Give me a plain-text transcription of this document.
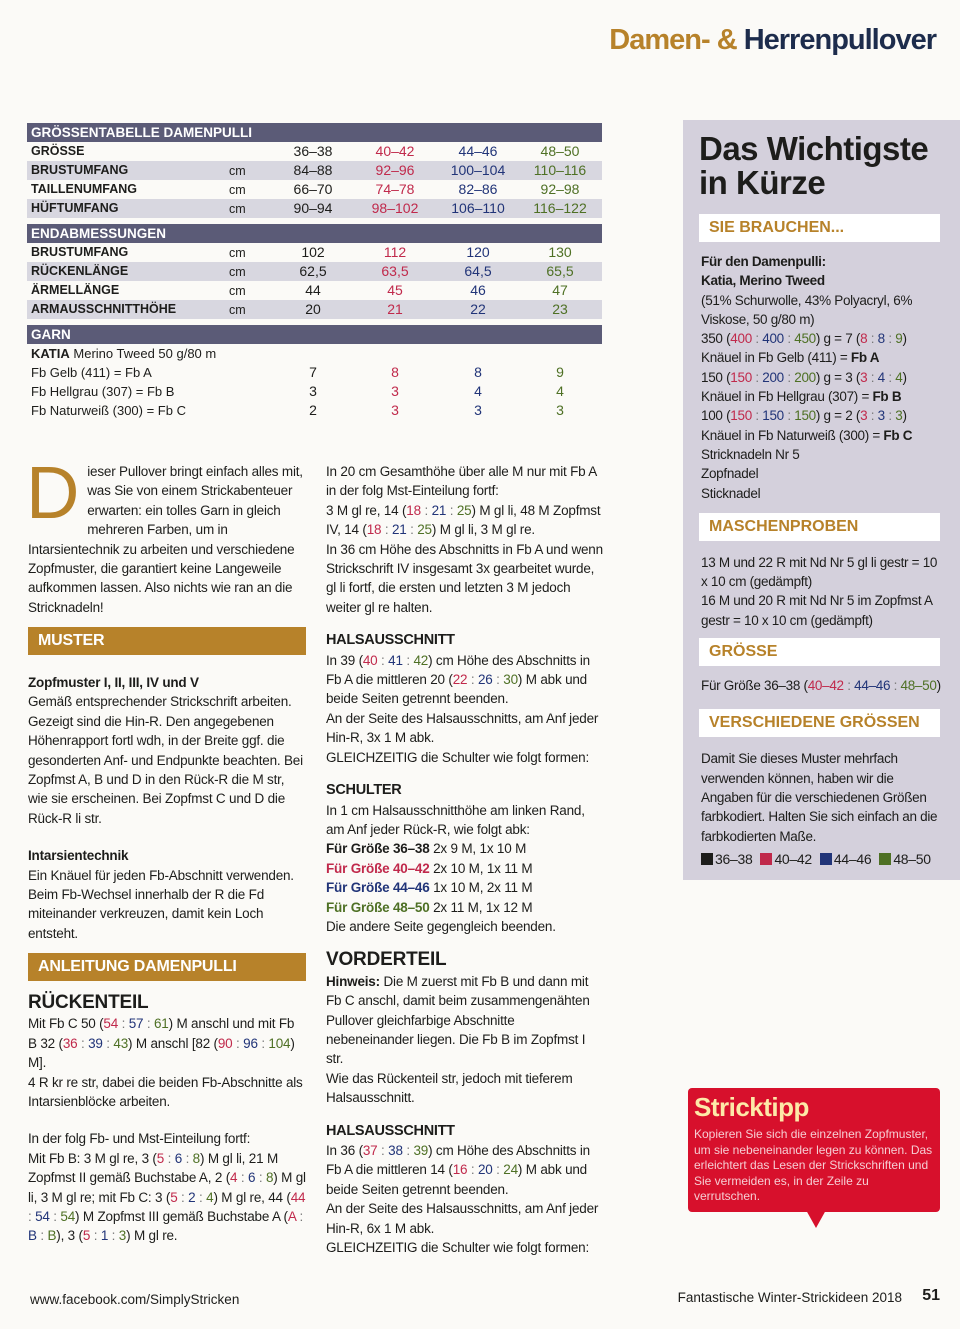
Damen- & Herrenpullover
GRÖSSENTABELLE DAMENPULLI
GRÖSSE	36–38	40–42	44–46	48–50
BRUSTUMFANG	cm	84–88	92–96	100–104	110–116
TAILLENUMFANG	cm	66–70	74–78	82–86	92–98
HÜFTUMFANG	cm	90–94	98–102	106–110	116–122
ENDABMESSUNGEN
BRUSTUMFANG	cm	102	112	120	130
RÜCKENLÄNGE	cm	62,5	63,5	64,5	65,5
ÄRMELLÄNGE	cm	44	45	46	47
ARMAUSSCHNITTHÖHE	cm	20	21	22	23
GARN
KATIA Merino Tweed 50 g/80 m
Fb Gelb (411) = Fb A	7	8	8	9
Fb Hellgrau (307) = Fb B	3	3	4	4
Fb Naturweiß (300) = Fb C	2	3	3	3
Dieser Pullover bringt einfach alles mit, was Sie von einem Strickabenteuer erwarten: ein tolles Garn in gleich mehreren Farben, um in Intarsientechnik zu arbeiten und verschiedene Zopfmuster, die garantiert keine Langeweile aufkommen lassen. Also nichts wie ran an die Stricknadeln!
MUSTER

Zopfmuster I, II, III, IV und V

Gemäß entsprechender Strickschrift arbeiten. Gezeigt sind die Hin-R. Den angegebenen Höhenrapport fortl wdh, in der Breite ggf. die gesonderten Anf- und Endpunkte beachten. Bei Zopfmst A, B und D in den Rück-R die M str, wie sie erscheinen. Bei Zopfmst C und D die Rück-R li str.

Intarsientechnik

Ein Knäuel für jeden Fb-Abschnitt verwenden. Beim Fb-Wechsel innerhalb der R die Fd miteinander verkreuzen, damit kein Loch entsteht.

ANLEITUNG DAMENPULLI
RÜCKENTEIL

Mit Fb C 50 (54 : 57 : 61) M anschl und mit Fb B 32 (36 : 39 : 43) M anschl [82 (90 : 96 : 104) M].

4 R kr re str, dabei die beiden Fb-Abschnitte als Intarsienblöcke arbeiten.

In der folg Fb- und Mst-Einteilung fortf:

Mit Fb B: 3 M gl re, 3 (5 : 6 : 8) M gl li, 21 M Zopfmst II gemäß Buchstabe A, 2 (4 : 6 : 8) M gl li, 3 M gl re; mit Fb C: 3 (5 : 2 : 4) M gl re, 44 (44 : 54 : 54) M Zopfmst III gemäß Buchstabe A (A : B : B), 3 (5 : 1 : 3) M gl re.

In 20 cm Gesamthöhe über alle M nur mit Fb A in der folg Mst-Einteilung fortf:

3 M gl re, 14 (18 : 21 : 25) M gl li, 48 M Zopfmst IV, 14 (18 : 21 : 25) M gl li, 3 M gl re.

In 36 cm Höhe des Abschnitts in Fb A und wenn Strickschrift IV insgesamt 3x gearbeitet wurde, gl li fortf, die ersten und letzten 3 M jedoch weiter gl re halten.

HALSAUSSCHNITT

In 39 (40 : 41 : 42) cm Höhe des Abschnitts in Fb A die mittleren 20 (22 : 26 : 30) M abk und beide Seiten getrennt beenden.

An der Seite des Halsausschnitts, am Anf jeder Hin-R, 3x 1 M abk.

GLEICHZEITIG die Schulter wie folgt formen:

SCHULTER

In 1 cm Halsausschnitthöhe am linken Rand, am Anf jeder Rück-R, wie folgt abk:

Für Größe 36–38 2x 9 M, 1x 10 M

Für Größe 40–42 2x 10 M, 1x 11 M

Für Größe 44–46 1x 10 M, 2x 11 M

Für Größe 48–50 2x 11 M, 1x 12 M

Die andere Seite gegengleich beenden.

VORDERTEIL

Hinweis: Die M zuerst mit Fb B und dann mit Fb C anschl, damit beim zusammengenähten Pullover gleichfarbige Abschnitte nebeneinander liegen. Die Fb B im Zopfmst I str.

Wie das Rückenteil str, jedoch mit tieferem Halsausschnitt.

HALSAUSSCHNITT

In 36 (37 : 38 : 39) cm Höhe des Abschnitts in Fb A die mittleren 14 (16 : 20 : 24) M abk und beide Seiten getrennt beenden.

An der Seite des Halsausschnitts, am Anf jeder Hin-R, 6x 1 M abk.

GLEICHZEITIG die Schulter wie folgt formen:

Das Wichtigste in Kürze
SIE BRAUCHEN...
Für den Damenpulli:
Katia, Merino Tweed
(51% Schurwolle, 43% Polyacryl, 6% Viskose, 50 g/80 m)
350 (400 : 400 : 450) g = 7 (8 : 8 : 9) Knäuel in Fb Gelb (411) = Fb A
150 (150 : 200 : 200) g = 3 (3 : 4 : 4) Knäuel in Fb Hellgrau (307) = Fb B
100 (150 : 150 : 150) g = 2 (3 : 3 : 3) Knäuel in Fb Naturweiß (300) = Fb C
Stricknadeln Nr 5
Zopfnadel
Sticknadel
MASCHENPROBEN
13 M und 22 R mit Nd Nr 5 gl li gestr = 10 x 10 cm (gedämpft)
16 M und 20 R mit Nd Nr 5 im Zopfmst A gestr = 10 x 10 cm (gedämpft)
GRÖSSE
Für Größe 36–38 (40–42 : 44–46 : 48–50)
VERSCHIEDENE GRÖSSEN
Damit Sie dieses Muster mehrfach verwenden können, haben wir die Angaben für die verschiedenen Größen farbkodiert. Halten Sie sich einfach an die farbkodierten Maße.
36–38 40–42 44–46 48–50
Stricktipp
Kopieren Sie sich die einzelnen Zopfmuster, um sie nebeneinander legen zu können. Das erleichtert das Lesen der Strickschriften und Sie vermeiden es, in der Zeile zu verrutschen.
www.facebook.com/SimplyStricken	Fantastische Winter-Strickideen 2018 51
